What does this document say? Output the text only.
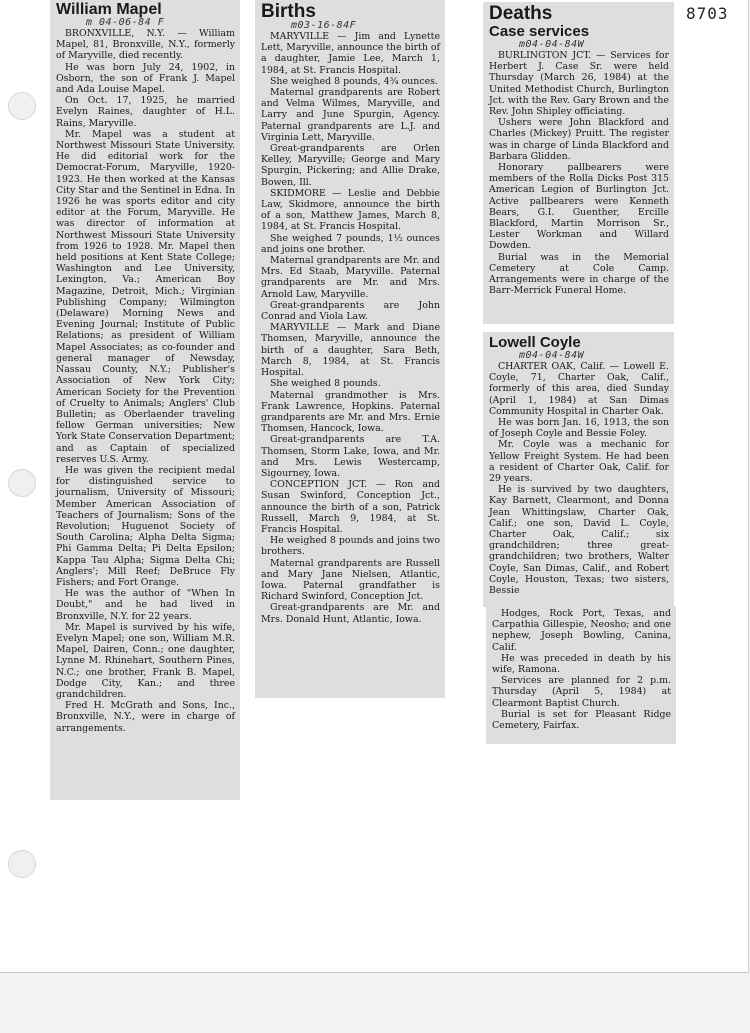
8703
William Mapel
m 04-06-84 F

BRONXVILLE, N.Y. — William Mapel, 81, Bronxville, N.Y., formerly of Maryville, died recently.

He was born July 24, 1902, in Osborn, the son of Frank J. Mapel and Ada Louise Mapel.

On Oct. 17, 1925, he married Evelyn Raines, daughter of H.L. Rains, Maryville.

Mr. Mapel was a student at Northwest Missouri State University. He did editorial work for the Democrat-Forum, Maryville, 1920-1923. He then worked at the Kansas City Star and the Sentinel in Edna. In 1926 he was sports editor and city editor at the Forum, Maryville. He was director of information at Northwest Missouri State University from 1926 to 1928. Mr. Mapel then held positions at Kent State College; Washington and Lee University, Lexington, Va.; American Boy Magazine, Detroit, Mich.; Virginian Publishing Company; Wilmington (Delaware) Morning News and Evening Journal; Institute of Public Relations; as president of William Mapel Associates; as co-founder and general manager of Newsday, Nassau County, N.Y.; Publisher's Association of New York City; American Society for the Prevention of Cruelty to Animals; Anglers' Club Bulletin; as Oberlaender traveling fellow German universities; New York State Conservation Department; and as Captain of specialized reserves U.S. Army.

He was given the recipient medal for distinguished service to journalism, University of Missouri; Member American Association of Teachers of Journalism; Sons of the Revolution; Huguenot Society of South Carolina; Alpha Delta Sigma; Phi Gamma Delta; Pi Delta Epsilon; Kappa Tau Alpha; Sigma Delta Chi; Anglers'; Mill Reef; DeBruce Fly Fishers; and Fort Orange.

He was the author of "When In Doubt," and he had lived in Bronxville, N.Y. for 22 years.

Mr. Mapel is survived by his wife, Evelyn Mapel; one son, William M.R. Mapel, Dairen, Conn.; one daughter, Lynne M. Rhinehart, Southern Pines, N.C.; one brother, Frank B. Mapel, Dodge City, Kan.; and three grandchildren.

Fred H. McGrath and Sons, Inc., Bronxville, N.Y., were in charge of arrangements.

Births
m03-16-84F

MARYVILLE — Jim and Lynette Lett, Maryville, announce the birth of a daughter, Jamie Lee, March 1, 1984, at St. Francis Hospital.

She weighed 8 pounds, 4¾ ounces.

Maternal grandparents are Robert and Velma Wilmes, Maryville, and Larry and June Spurgin, Agency. Paternal grandparents are L.J. and Virginia Lett, Maryville.

Great-grandparents are Orlen Kelley, Maryville; George and Mary Spurgin, Pickering; and Allie Drake, Bowen, Ill.

SKIDMORE — Leslie and Debbie Law, Skidmore, announce the birth of a son, Matthew James, March 8, 1984, at St. Francis Hospital.

She weighed 7 pounds, 1½ ounces and joins one brother.

Maternal grandparents are Mr. and Mrs. Ed Staab, Maryville. Paternal grandparents are Mr. and Mrs. Arnold Law, Maryville.

Great-grandparents are John Conrad and Viola Law.

MARYVILLE — Mark and Diane Thomsen, Maryville, announce the birth of a daughter, Sara Beth, March 8, 1984, at St. Francis Hospital.

She weighed 8 pounds.

Maternal grandmother is Mrs. Frank Lawrence, Hopkins. Paternal grandparents are Mr. and Mrs. Ernie Thomsen, Hancock, Iowa.

Great-grandparents are T.A. Thomsen, Storm Lake, Iowa, and Mr. and Mrs. Lewis Westercamp, Sigourney, Iowa.

CONCEPTION JCT. — Ron and Susan Swinford, Conception Jct., announce the birth of a son, Patrick Russell, March 9, 1984, at St. Francis Hospital.

He weighed 8 pounds and joins two brothers.

Maternal grandparents are Russell and Mary Jane Nielsen, Atlantic, Iowa. Paternal grandfather is Richard Swinford, Conception Jct.

Great-grandparents are Mr. and Mrs. Donald Hunt, Atlantic, Iowa.

Deaths
Case services
m04-04-84W

BURLINGTON JCT. — Services for Herbert J. Case Sr. were held Thursday (March 26, 1984) at the United Methodist Church, Burlington Jct. with the Rev. Gary Brown and the Rev. John Shipley officiating.

Ushers were John Blackford and Charles (Mickey) Pruitt. The register was in charge of Linda Blackford and Barbara Glidden.

Honorary pallbearers were members of the Rolla Dicks Post 315 American Legion of Burlington Jct. Active pallbearers were Kenneth Bears, G.I. Guenther, Ercille Blackford, Martin Morrison Sr., Lester Workman and Willard Dowden.

Burial was in the Memorial Cemetery at Cole Camp. Arrangements were in charge of the Barr-Merrick Funeral Home.

Lowell Coyle
m04-04-84W

CHARTER OAK, Calif. — Lowell E. Coyle, 71, Charter Oak, Calif., formerly of this area, died Sunday (April 1, 1984) at San Dimas Community Hospital in Charter Oak.

He was born Jan. 16, 1913, the son of Joseph Coyle and Bessie Foley.

Mr. Coyle was a mechanic for Yellow Freight System. He had been a resident of Charter Oak, Calif. for 29 years.

He is survived by two daughters, Kay Barnett, Clearmont, and Donna Jean Whittingslaw, Charter Oak, Calif.; one son, David L. Coyle, Charter Oak, Calif.; six grandchildren; three great-grandchildren; two brothers, Walter Coyle, San Dimas, Calif., and Robert Coyle, Houston, Texas; two sisters, Bessie

Hodges, Rock Port, Texas, and Carpathia Gillespie, Neosho; and one nephew, Joseph Bowling, Canina, Calif.

He was preceded in death by his wife, Ramona.

Services are planned for 2 p.m. Thursday (April 5, 1984) at Clearmont Baptist Church.

Burial is set for Pleasant Ridge Cemetery, Fairfax.
